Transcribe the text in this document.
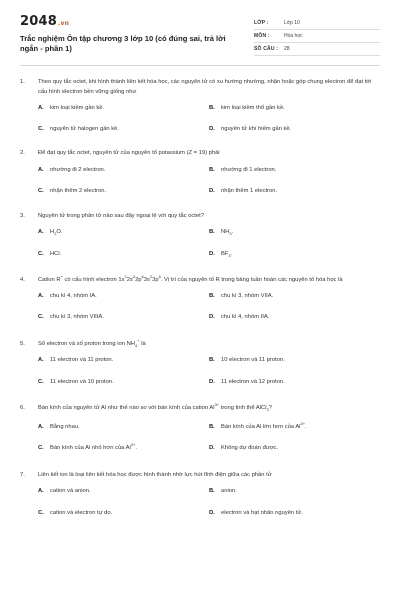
2048.vn
Trắc nghiệm Ôn tập chương 3 lớp 10 (có đúng sai, trả lời ngắn - phần 1)
LỚP :	Lớp 10
MÔN :	Hóa học
SỐ CÂU :	28
1.	Theo quy tắc octet, khi hình thành liên kết hóa học, các nguyên tử có xu hướng nhường, nhận hoặc góp chung electron để đạt tới cấu hình electron bền vững giống như
A.	kim loại kiềm gần kề.	B.	kim loại kiềm thổ gần kề.
C.	nguyên tử halogen gần kề.	D.	nguyên tử khí hiếm gần kề.
2.	Để đạt quy tắc octet, nguyên tử của nguyên tố potassium (Z = 19) phải
A.	nhường đi 2 electron.	B.	nhường đi 1 electron.
C.	nhận thêm 2 electron.	D.	nhận thêm 1 electron.
3.	Nguyên tử trong phân tử nào sau đây ngoại lệ với quy tắc octet?
A.	$H_2O$.	B.	$NH_3$.
C.	HCl.	D.	$BF_3$.
4.	Cation R+ có cấu hình electron $1s^22s^22p^63s^23p^6$. Vị trí của nguyên tố R trong bảng tuần hoàn các nguyên tố hóa học là
A.	chu kì 4, nhóm IA.	B.	chu kì 3, nhóm VIIA.
C.	chu kì 3, nhóm VIIIA.	D.	chu kì 4, nhóm IIA.
5.	Số electron và số proton trong ion $NH_4^+$ là
A.	11 electron và 11 proton.	B.	10 electron và 11 proton.
C.	11 electron và 10 proton.	D.	11 electron và 12 proton.
6.	Bán kính của nguyên tử Al như thế nào so với bán kính của cation $Al^{3+}$ trong tinh thể AlCl$_3$?
A.	Bằng nhau.	B.	Bán kính của Al lớn hơn của $Al^{3+}$.
C.	Bán kính của Al nhỏ hơn của $Al^{3+}$.	D.	Không dự đoán được.
7.	Liên kết ion là loại liên kết hóa học được hình thành nhờ lực hút tĩnh điện giữa các phần tử
A.	cation và anion.	B.	anion.
C.	cation và electron tự do.	D.	electron và hạt nhân nguyên tử.
